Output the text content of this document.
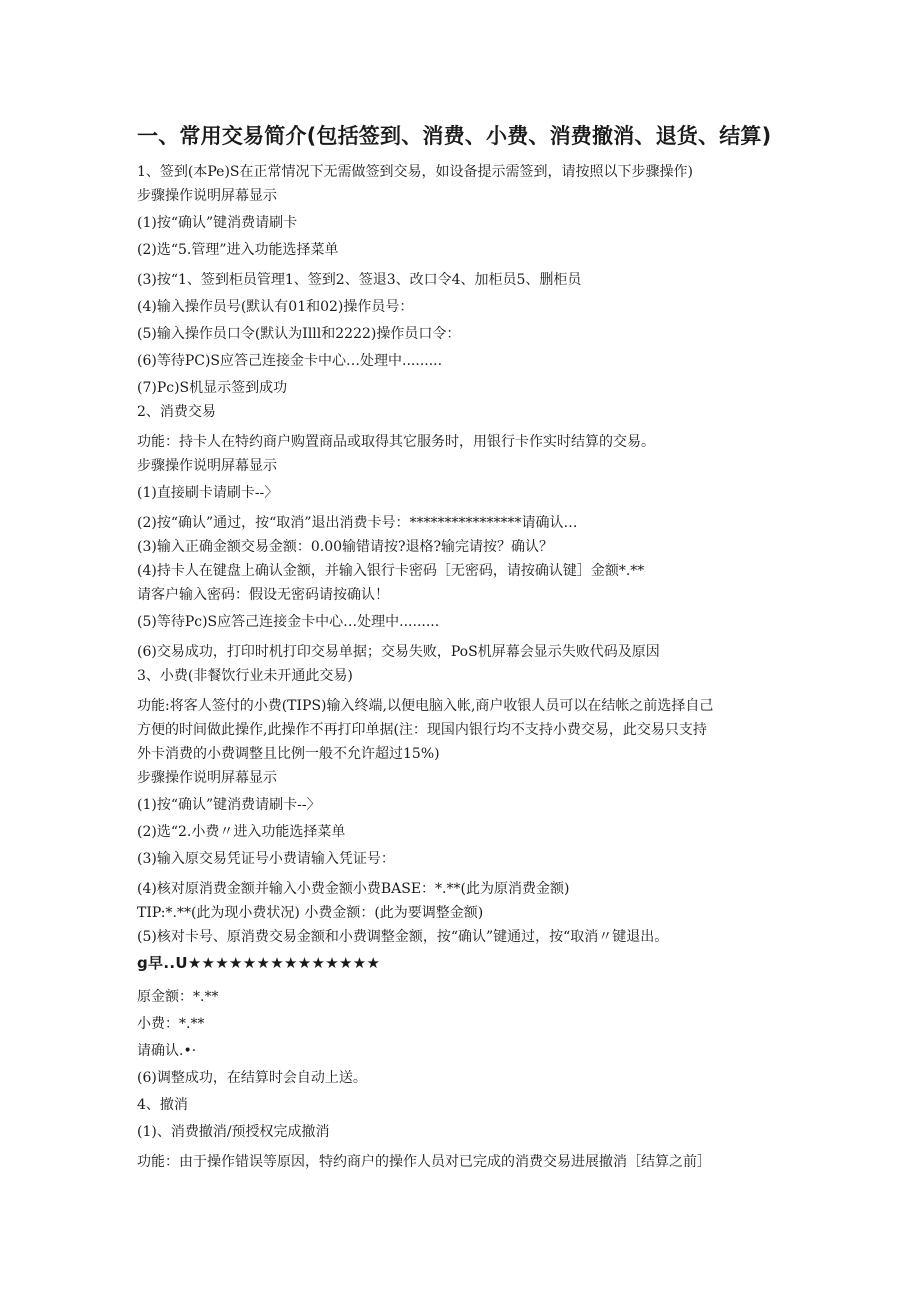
一、常用交易简介(包括签到、消费、小费、消费撤消、退货、结算)
1、签到(本Pe)S在正常情况下无需做签到交易，如设备提示需签到，请按照以下步骤操作)
步骤操作说明屏幕显示
(1)按“确认”键消费请刷卡
(2)选“5.管理”进入功能选择菜单
(3)按“1、签到柜员管理1、签到2、签退3、改口令4、加柜员5、删柜员
(4)输入操作员号(默认有01和02)操作员号：
(5)输入操作员口令(默认为Illl和2222)操作员口令：
(6)等待PC)S应答己连接金卡中心…处理中.........
(7)Pc)S机显示签到成功
2、消费交易
功能：持卡人在特约商户购置商品或取得其它服务时，用银行卡作实时结算的交易。
步骤操作说明屏幕显示
(1)直接刷卡请刷卡--〉
(2)按“确认”通过，按“取消”退出消费卡号：****************请确认…
(3)输入正确金额交易金额：0.00输错请按?退格?输完请按？确认？
(4)持卡人在键盘上确认金额，并输入银行卡密码［无密码，请按确认键］金额*.**
请客户输入密码：假设无密码请按确认！
(5)等待Pc)S应答己连接金卡中心…处理中.........
(6)交易成功，打印时机打印交易单据；交易失败，PoS机屏幕会显示失败代码及原因
3、小费(非餐饮行业未开通此交易)
功能:将客人签付的小费(TIPS)输入终端,以便电脑入帐,商户收银人员可以在结帐之前选择自己
方便的时间做此操作,此操作不再打印单据(注：现国内银行均不支持小费交易，此交易只支持
外卡消费的小费调整且比例一般不允许超过15%)
步骤操作说明屏幕显示
(1)按“确认”键消费请刷卡--〉
(2)选“2.小费〃进入功能选择菜单
(3)输入原交易凭证号小费请输入凭证号：
(4)核对原消费金额并输入小费金额小费BASE：*.**(此为原消费金额)
TIP:*.**(此为现小费状况) 小费金额：(此为要调整金额)
(5)核对卡号、原消费交易金额和小费调整金额，按“确认”键通过，按“取消〃键退出。
g早..U★★★★★★★★★★★★★★
原金额：*.**
小费：*.**
请确认.•·
(6)调整成功，在结算时会自动上送。
4、撤消
(1)、消费撤消/预授权完成撤消
功能：由于操作错误等原因，特约商户的操作人员对已完成的消费交易进展撤消［结算之前］
